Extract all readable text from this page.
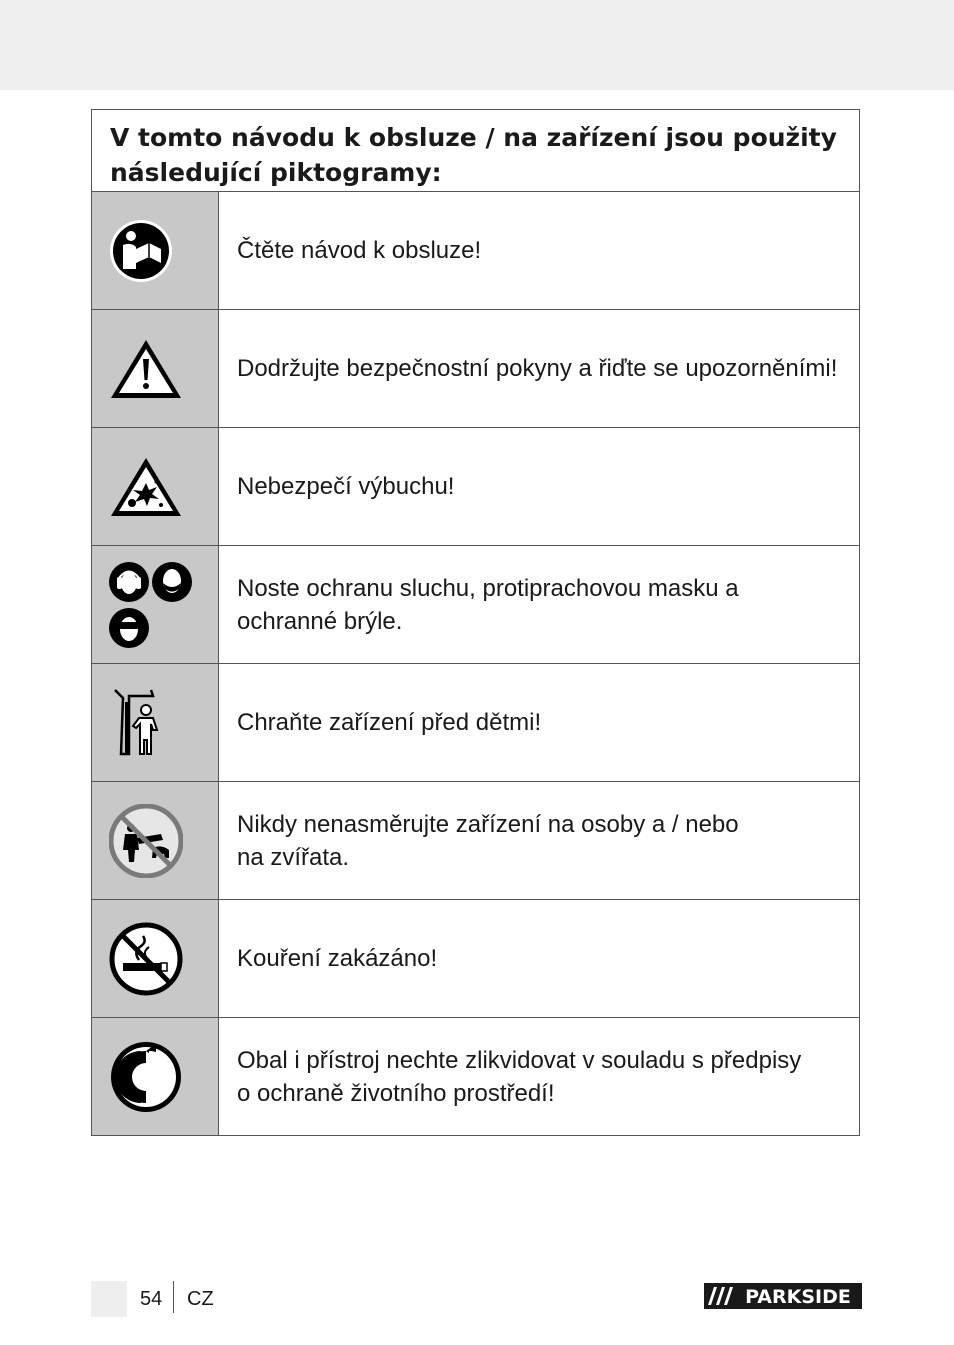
V tomto návodu k obsluze / na zařízení jsou použity
následující piktogramy:
Čtěte návod k obsluze!
Dodržujte bezpečnostní pokyny a řiďte se upozorněními!
Nebezpečí výbuchu!
Noste ochranu sluchu, protiprachovou masku a
ochranné brýle.
Chraňte zařízení před dětmi!
Nikdy nenasměrujte zařízení na osoby a / nebo
na zvířata.
Kouření zakázáno!
Obal i přístroj nechte zlikvidovat v souladu s předpisy
o ochraně životního prostředí!
54 CZ	PARKSIDE
